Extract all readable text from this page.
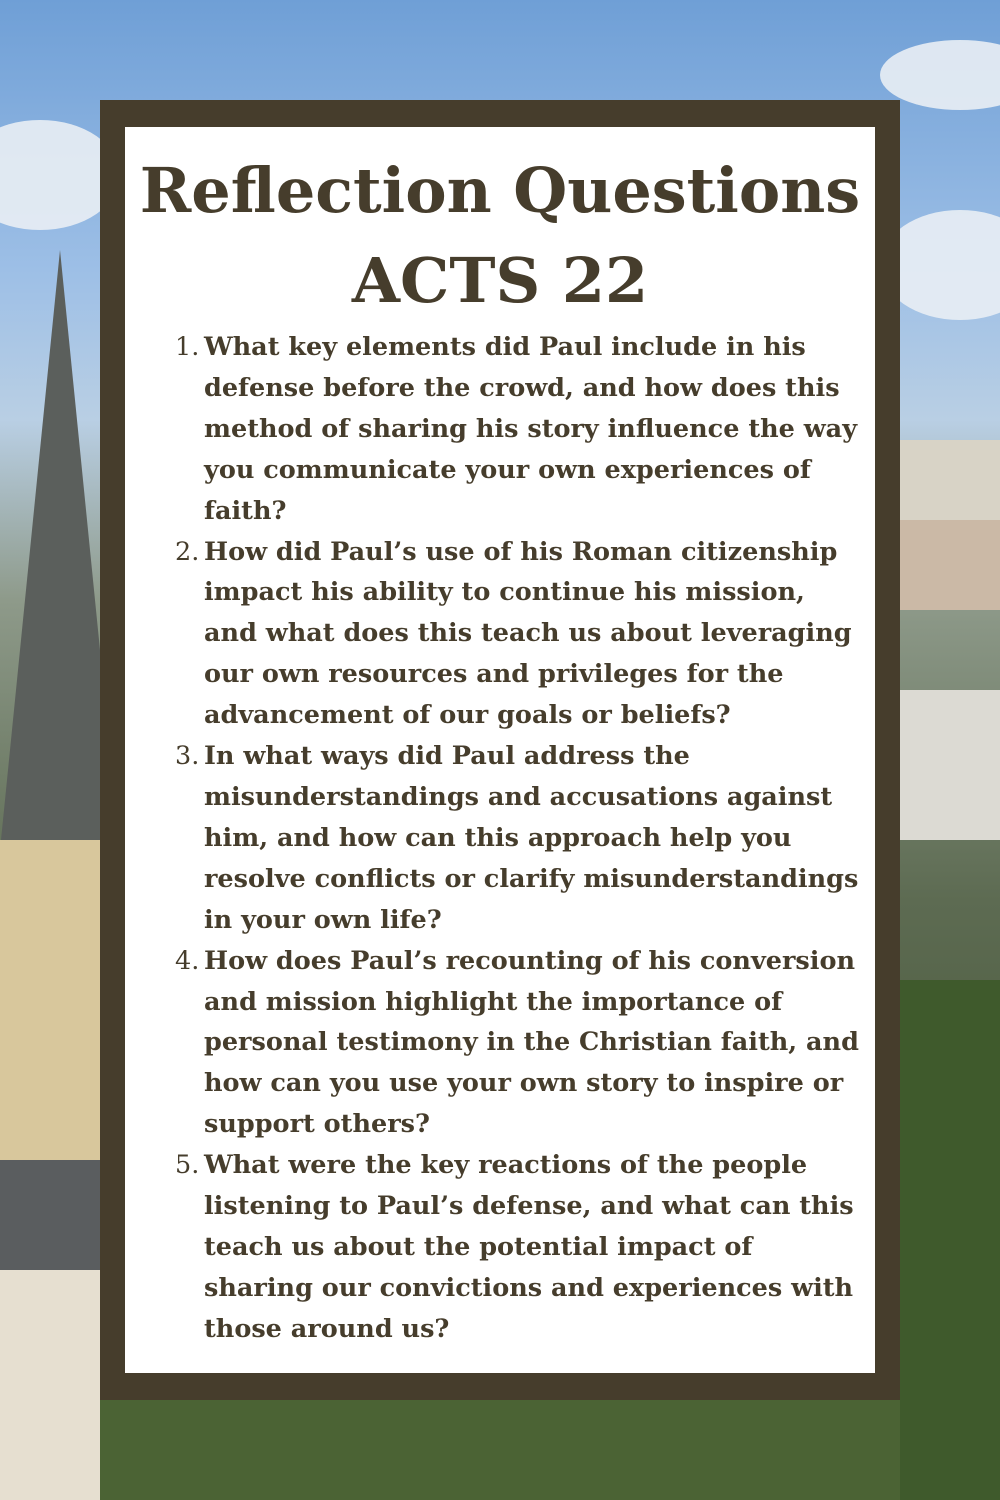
Reflection Questions
ACTS 22
1. What key elements did Paul include in his defense before the crowd, and how does this method of sharing his story influence the way you communicate your own experiences of faith?
2. How did Paul’s use of his Roman citizenship impact his ability to continue his mission, and what does this teach us about leveraging our own resources and privileges for the advancement of our goals or beliefs?
3. In what ways did Paul address the misunderstandings and accusations against him, and how can this approach help you resolve conflicts or clarify misunderstandings in your own life?
4. How does Paul’s recounting of his conversion and mission highlight the importance of personal testimony in the Christian faith, and how can you use your own story to inspire or support others?
5. What were the key reactions of the people listening to Paul’s defense, and what can this teach us about the potential impact of sharing our convictions and experiences with those around us?
